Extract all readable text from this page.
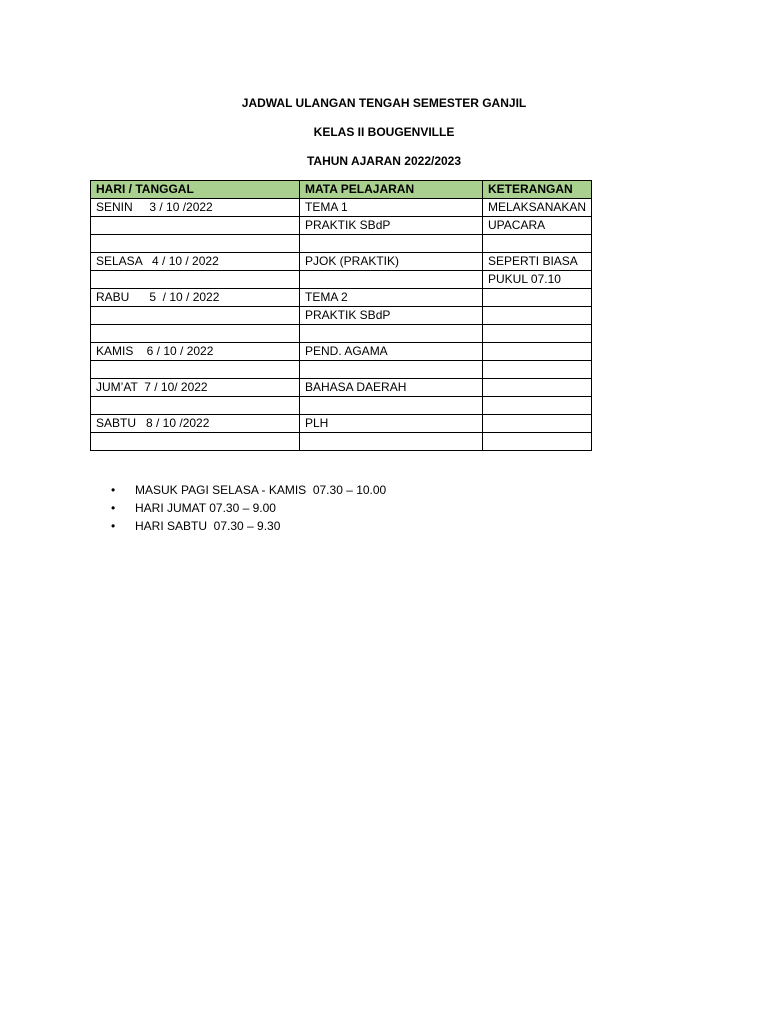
JADWAL ULANGAN TENGAH SEMESTER GANJIL
KELAS II BOUGENVILLE
TAHUN AJARAN 2022/2023
HARI / TANGGAL	MATA PELAJARAN	KETERANGAN
SENIN     3 / 10 /2022	TEMA 1	MELAKSANAKAN
	PRAKTIK SBdP	UPACARA

SELASA   4 / 10 / 2022	PJOK (PRAKTIK)	SEPERTI BIASA
		PUKUL 07.10
RABU      5  / 10 / 2022	TEMA 2	
	PRAKTIK SBdP	

KAMIS    6 / 10 / 2022	PEND. AGAMA	

JUM’AT  7 / 10/ 2022	BAHASA DAERAH	

SABTU   8 / 10 /2022	PLH	

• MASUK PAGI SELASA - KAMIS  07.30 – 10.00
• HARI JUMAT 07.30 – 9.00
• HARI SABTU  07.30 – 9.30
